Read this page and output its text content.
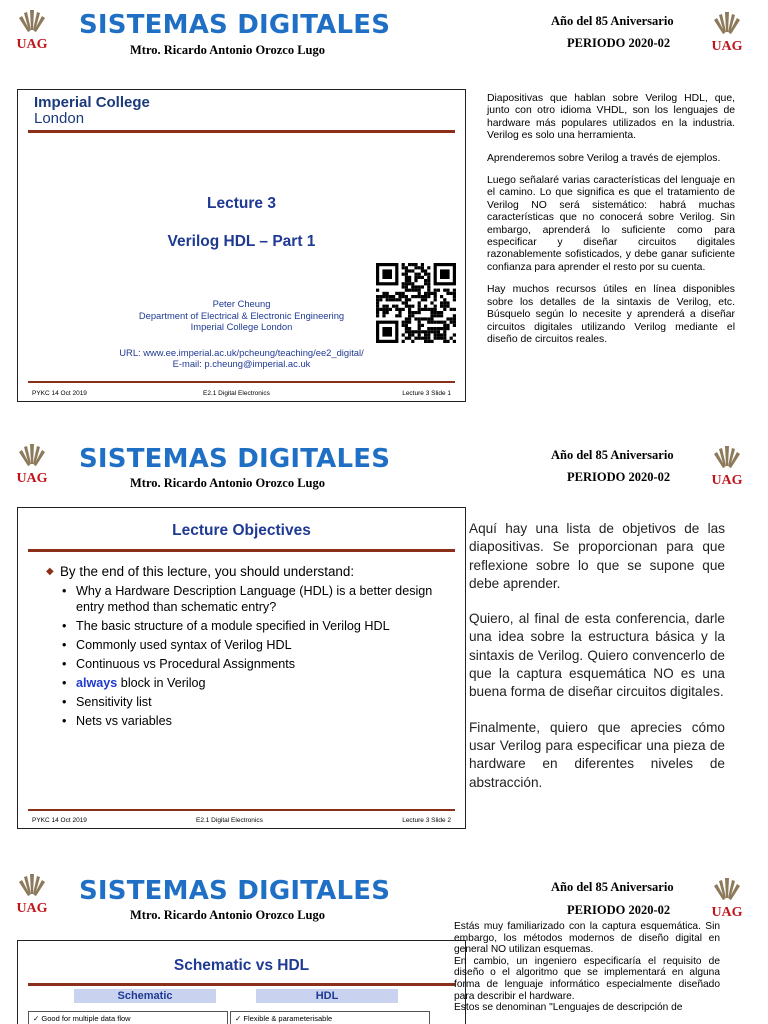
UAG
SISTEMAS DIGITALES
Mtro. Ricardo Antonio Orozco Lugo
Año del 85 Aniversario
PERIODO 2020-02	UAG
Imperial College
London
Lecture 3
Verilog HDL – Part 1
Peter Cheung
Department of Electrical & Electronic Engineering
Imperial College London
URL: www.ee.imperial.ac.uk/pcheung/teaching/ee2_digital/
E-mail: p.cheung@imperial.ac.uk
PYKC 14 Oct 2019	E2.1 Digital Electronics	Lecture 3 Slide 1

Diapositivas que hablan sobre Verilog HDL, que, junto con otro idioma VHDL, son los lenguajes de hardware más populares utilizados en la industria. Verilog es solo una herramienta.

Aprenderemos sobre Verilog a través de ejemplos.

Luego señalaré varias características del lenguaje en el camino. Lo que significa es que el tratamiento de Verilog NO será sistemático: habrá muchas características que no conocerá sobre Verilog. Sin embargo, aprenderá lo suficiente como para especificar y diseñar circuitos digitales razonablemente sofisticados, y debe ganar suficiente confianza para aprender el resto por su cuenta.

Hay muchos recursos útiles en línea disponibles sobre los detalles de la sintaxis de Verilog, etc. Búsquelo según lo necesite y aprenderá a diseñar circuitos digitales utilizando Verilog mediante el diseño de circuitos reales.

UAG
SISTEMAS DIGITALES
Mtro. Ricardo Antonio Orozco Lugo
Año del 85 Aniversario
PERIODO 2020-02	UAG
Lecture Objectives
◆ By the end of this lecture, you should understand:
• Why a Hardware Description Language (HDL) is a better design entry method than schematic entry?
• The basic structure of a module specified in Verilog HDL
• Commonly used syntax of Verilog HDL
• Continuous vs Procedural Assignments
• always block in Verilog
• Sensitivity list
• Nets vs variables
PYKC 14 Oct 2019	E2.1 Digital Electronics	Lecture 3 Slide 2

Aquí hay una lista de objetivos de las diapositivas. Se proporcionan para que reflexione sobre lo que se supone que debe aprender.

Quiero, al final de esta conferencia, darle una idea sobre la estructura básica y la sintaxis de Verilog. Quiero convencerlo de que la captura esquemática NO es una buena forma de diseñar circuitos digitales.

Finalmente, quiero que aprecies cómo usar Verilog para especificar una pieza de hardware en diferentes niveles de abstracción.

UAG
SISTEMAS DIGITALES
Mtro. Ricardo Antonio Orozco Lugo
Año del 85 Aniversario
PERIODO 2020-02	UAG
Schematic vs HDL
Schematic	HDL
✓ Good for multiple data flow	✓ Flexible & parameterisable
Estás muy familiarizado con la captura esquemática. Sin embargo, los métodos modernos de diseño digital en general NO utilizan esquemas.
En cambio, un ingeniero especificaría el requisito de diseño o el algoritmo que se implementará en alguna forma de lenguaje informático especialmente diseñado para describir el hardware.
Estos se denominan "Lenguajes de descripción de
